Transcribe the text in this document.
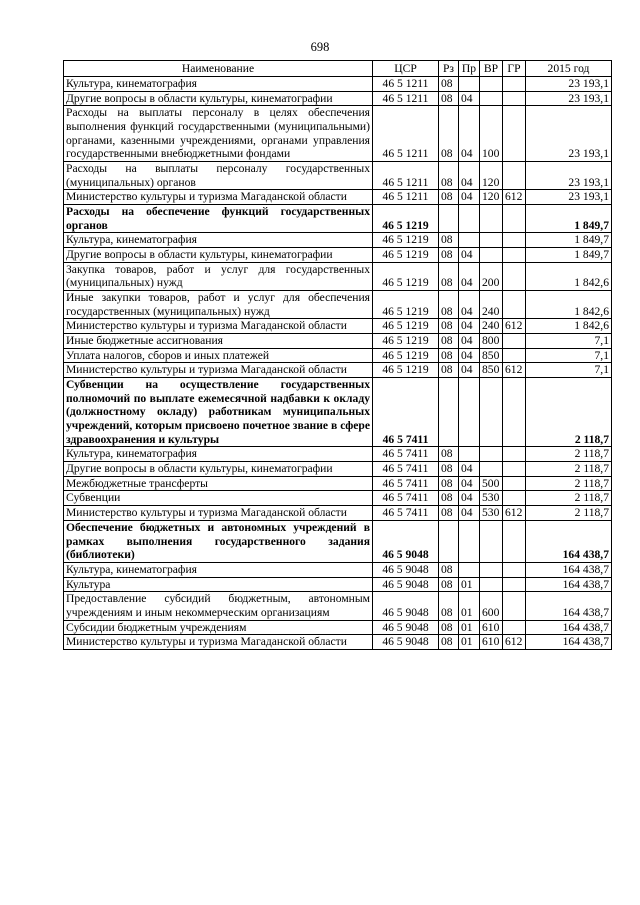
698
Наименование	ЦСР	Рз	Пр	ВР	ГР	2015 год
Культура, кинематография	46 5 1211	08				23 193,1
Другие вопросы в области культуры, кинематографии	46 5 1211	08	04			23 193,1
Расходы на выплаты персоналу в целях обеспечения выполнения функций государственными (муниципальными) органами, казенными учреждениями, органами управления государственными внебюджетными фондами	46 5 1211	08	04	100		23 193,1
Расходы на выплаты персоналу государственных (муниципальных) органов	46 5 1211	08	04	120		23 193,1
Министерство культуры и туризма Магаданской области	46 5 1211	08	04	120	612	23 193,1
Расходы на обеспечение функций государственных органов	46 5 1219					1 849,7
Культура, кинематография	46 5 1219	08				1 849,7
Другие вопросы в области культуры, кинематографии	46 5 1219	08	04			1 849,7
Закупка товаров, работ и услуг для государственных (муниципальных) нужд	46 5 1219	08	04	200		1 842,6
Иные закупки товаров, работ и услуг для обеспечения государственных (муниципальных) нужд	46 5 1219	08	04	240		1 842,6
Министерство культуры и туризма Магаданской области	46 5 1219	08	04	240	612	1 842,6
Иные бюджетные ассигнования	46 5 1219	08	04	800		7,1
Уплата налогов, сборов и иных платежей	46 5 1219	08	04	850		7,1
Министерство культуры и туризма Магаданской области	46 5 1219	08	04	850	612	7,1
Субвенции на осуществление государственных полномочий по выплате ежемесячной надбавки к окладу (должностному окладу) работникам муниципальных учреждений, которым присвоено почетное звание в сфере здравоохранения и культуры	46 5 7411					2 118,7
Культура, кинематография	46 5 7411	08				2 118,7
Другие вопросы в области культуры, кинематографии	46 5 7411	08	04			2 118,7
Межбюджетные трансферты	46 5 7411	08	04	500		2 118,7
Субвенции	46 5 7411	08	04	530		2 118,7
Министерство культуры и туризма Магаданской области	46 5 7411	08	04	530	612	2 118,7
Обеспечение бюджетных и автономных учреждений в рамках выполнения государственного задания (библиотеки)	46 5 9048					164 438,7
Культура, кинематография	46 5 9048	08				164 438,7
Культура	46 5 9048	08	01			164 438,7
Предоставление субсидий бюджетным, автономным учреждениям и иным некоммерческим организациям	46 5 9048	08	01	600		164 438,7
Субсидии бюджетным учреждениям	46 5 9048	08	01	610		164 438,7
Министерство культуры и туризма Магаданской области	46 5 9048	08	01	610	612	164 438,7
